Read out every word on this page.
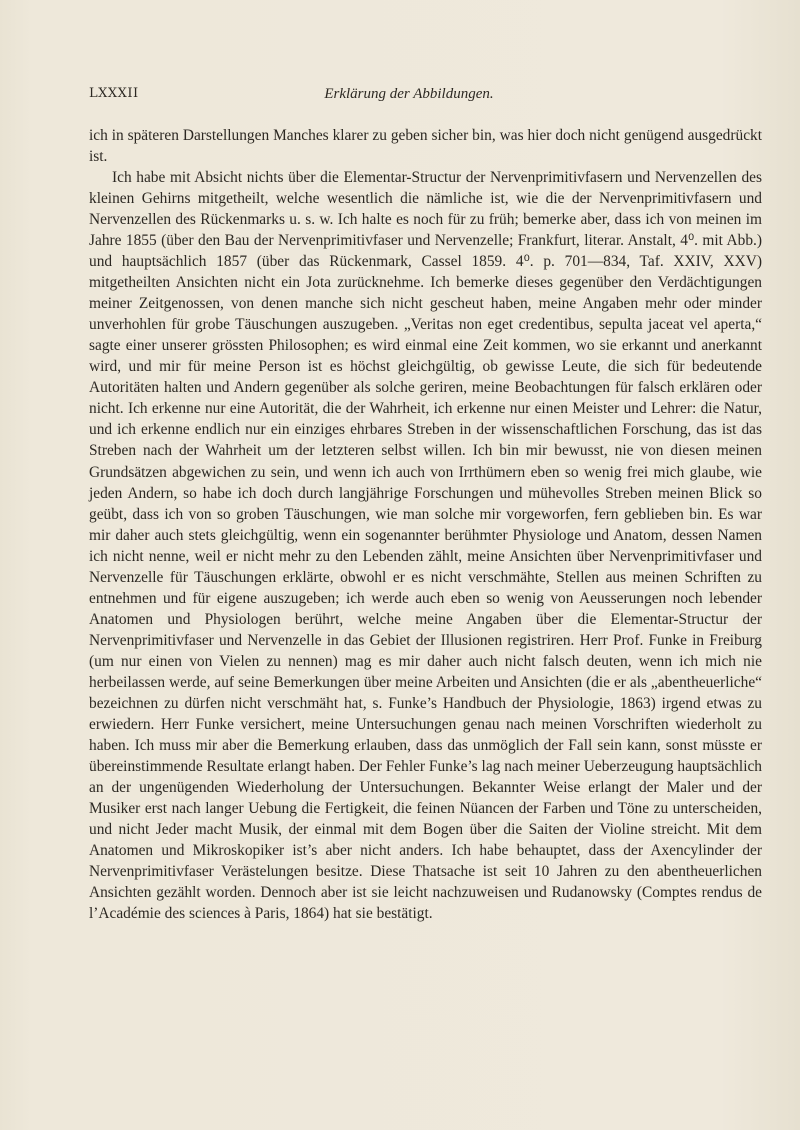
LXXXII	Erklärung der Abbildungen.

ich in späteren Darstellungen Manches klarer zu geben sicher bin, was hier doch nicht genügend ausgedrückt ist.

Ich habe mit Absicht nichts über die Elementar-Structur der Nervenprimitivfasern und Nervenzellen des kleinen Gehirns mitgetheilt, welche wesentlich die nämliche ist, wie die der Nervenprimitivfasern und Nervenzellen des Rückenmarks u. s. w. Ich halte es noch für zu früh; bemerke aber, dass ich von meinen im Jahre 1855 (über den Bau der Nervenprimitivfaser und Nervenzelle; Frankfurt, literar. Anstalt, 4⁰. mit Abb.) und hauptsächlich 1857 (über das Rückenmark, Cassel 1859. 4⁰. p. 701—834, Taf. XXIV, XXV) mitgetheilten Ansichten nicht ein Jota zurücknehme. Ich bemerke dieses gegenüber den Verdächtigungen meiner Zeitgenossen, von denen manche sich nicht gescheut haben, meine Angaben mehr oder minder unverhohlen für grobe Täuschungen auszugeben. „Veritas non eget credentibus, sepulta jaceat vel aperta,“ sagte einer unserer grössten Philosophen; es wird einmal eine Zeit kommen, wo sie erkannt und anerkannt wird, und mir für meine Person ist es höchst gleichgültig, ob gewisse Leute, die sich für bedeutende Autoritäten halten und Andern gegenüber als solche geriren, meine Beobachtungen für falsch erklären oder nicht. Ich erkenne nur eine Autorität, die der Wahrheit, ich erkenne nur einen Meister und Lehrer: die Natur, und ich erkenne endlich nur ein einziges ehrbares Streben in der wissenschaftlichen Forschung, das ist das Streben nach der Wahrheit um der letzteren selbst willen. Ich bin mir bewusst, nie von diesen meinen Grundsätzen abgewichen zu sein, und wenn ich auch von Irrthümern eben so wenig frei mich glaube, wie jeden Andern, so habe ich doch durch langjährige Forschungen und mühevolles Streben meinen Blick so geübt, dass ich von so groben Täuschungen, wie man solche mir vorgeworfen, fern geblieben bin. Es war mir daher auch stets gleichgültig, wenn ein sogenannter berühmter Physiologe und Anatom, dessen Namen ich nicht nenne, weil er nicht mehr zu den Lebenden zählt, meine Ansichten über Nervenprimitivfaser und Nervenzelle für Täuschungen erklärte, obwohl er es nicht verschmähte, Stellen aus meinen Schriften zu entnehmen und für eigene auszugeben; ich werde auch eben so wenig von Aeusserungen noch lebender Anatomen und Physiologen berührt, welche meine Angaben über die Elementar-Structur der Nervenprimitivfaser und Nervenzelle in das Gebiet der Illusionen registriren. Herr Prof. Funke in Freiburg (um nur einen von Vielen zu nennen) mag es mir daher auch nicht falsch deuten, wenn ich mich nie herbeilassen werde, auf seine Bemerkungen über meine Arbeiten und Ansichten (die er als „abentheuerliche“ bezeichnen zu dürfen nicht verschmäht hat, s. Funke’s Handbuch der Physiologie, 1863) irgend etwas zu erwiedern. Herr Funke versichert, meine Untersuchungen genau nach meinen Vorschriften wiederholt zu haben. Ich muss mir aber die Bemerkung erlauben, dass das unmöglich der Fall sein kann, sonst müsste er übereinstimmende Resultate erlangt haben. Der Fehler Funke’s lag nach meiner Ueberzeugung hauptsächlich an der ungenügenden Wiederholung der Untersuchungen. Bekannter Weise erlangt der Maler und der Musiker erst nach langer Uebung die Fertigkeit, die feinen Nüancen der Farben und Töne zu unterscheiden, und nicht Jeder macht Musik, der einmal mit dem Bogen über die Saiten der Violine streicht. Mit dem Anatomen und Mikroskopiker ist’s aber nicht anders. Ich habe behauptet, dass der Axencylinder der Nervenprimitivfaser Verästelungen besitze. Diese Thatsache ist seit 10 Jahren zu den abentheuerlichen Ansichten gezählt worden. Dennoch aber ist sie leicht nachzuweisen und Rudanowsky (Comptes rendus de l’Académie des sciences à Paris, 1864) hat sie bestätigt.
